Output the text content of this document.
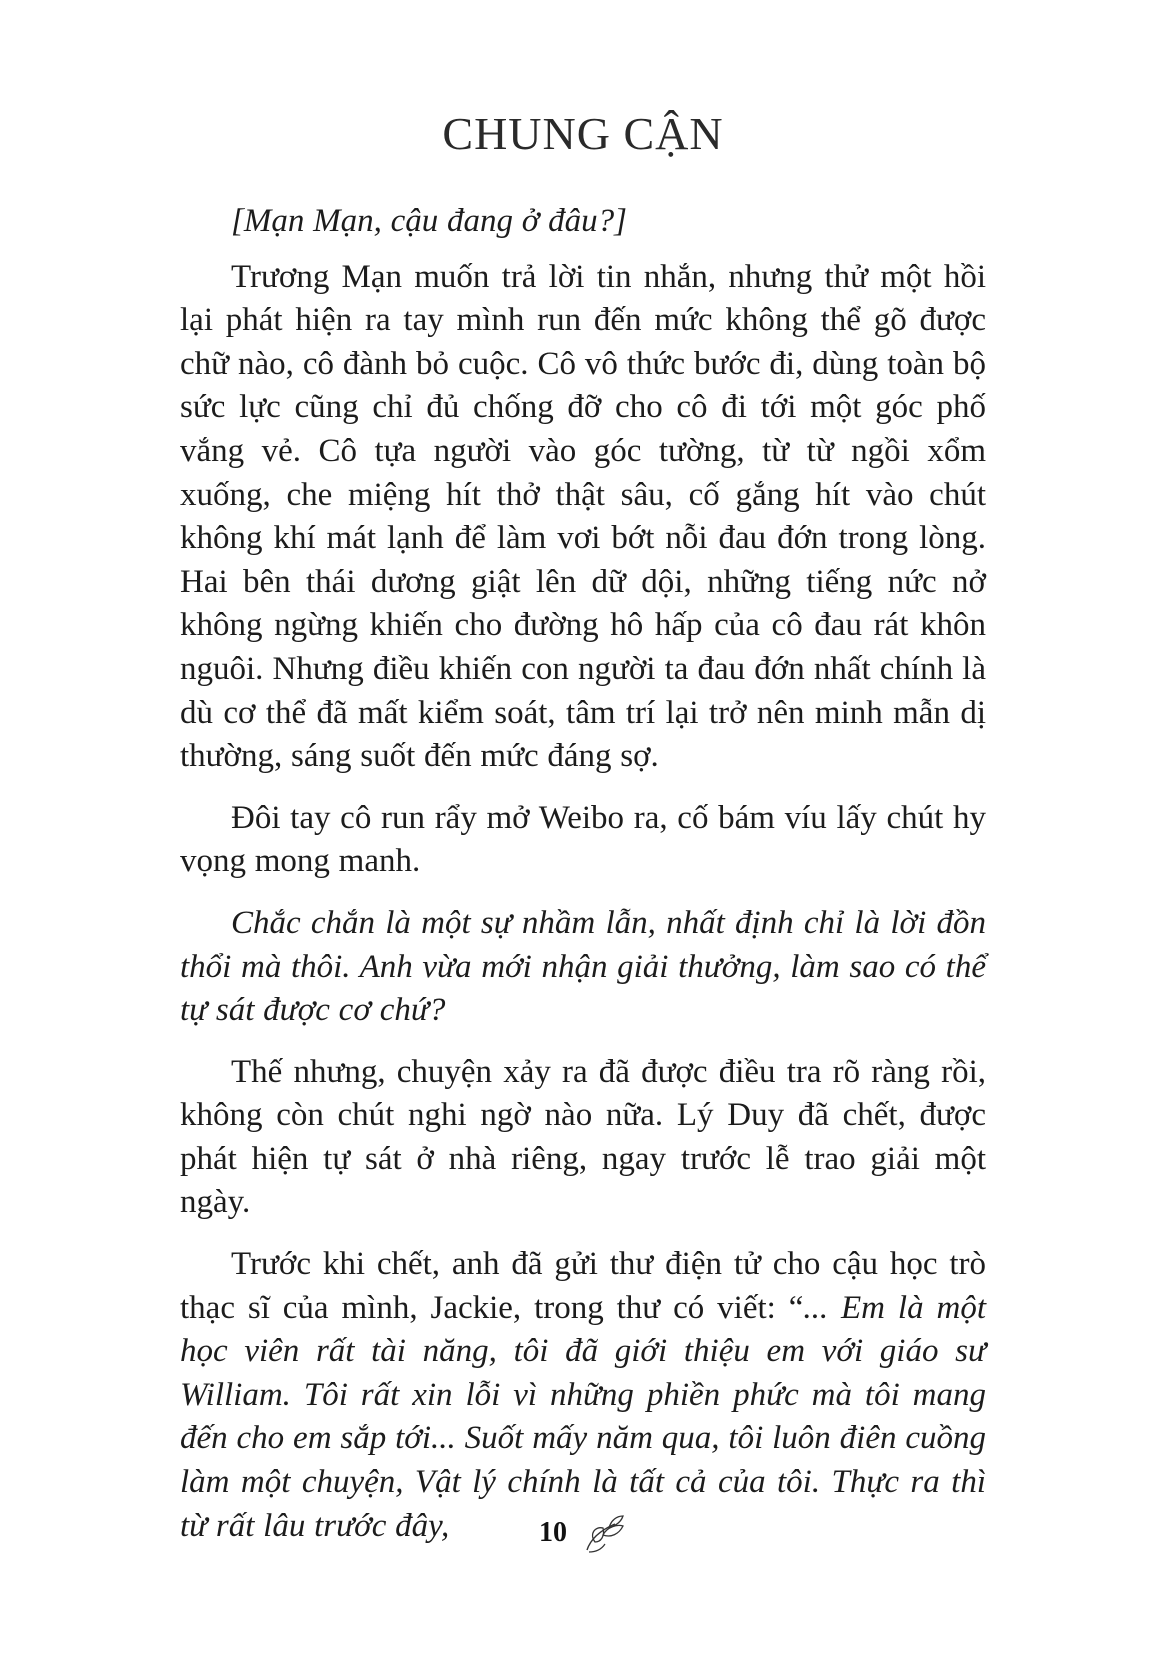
CHUNG CẬN

[Mạn Mạn, cậu đang ở đâu?]

Trương Mạn muốn trả lời tin nhắn, nhưng thử một hồi lại phát hiện ra tay mình run đến mức không thể gõ được chữ nào, cô đành bỏ cuộc. Cô vô thức bước đi, dùng toàn bộ sức lực cũng chỉ đủ chống đỡ cho cô đi tới một góc phố vắng vẻ. Cô tựa người vào góc tường, từ từ ngồi xổm xuống, che miệng hít thở thật sâu, cố gắng hít vào chút không khí mát lạnh để làm vơi bớt nỗi đau đớn trong lòng. Hai bên thái dương giật lên dữ dội, những tiếng nức nở không ngừng khiến cho đường hô hấp của cô đau rát khôn nguôi. Nhưng điều khiến con người ta đau đớn nhất chính là dù cơ thể đã mất kiểm soát, tâm trí lại trở nên minh mẫn dị thường, sáng suốt đến mức đáng sợ.

Đôi tay cô run rẩy mở Weibo ra, cố bám víu lấy chút hy vọng mong manh.

Chắc chắn là một sự nhầm lẫn, nhất định chỉ là lời đồn thổi mà thôi. Anh vừa mới nhận giải thưởng, làm sao có thể tự sát được cơ chứ?

Thế nhưng, chuyện xảy ra đã được điều tra rõ ràng rồi, không còn chút nghi ngờ nào nữa. Lý Duy đã chết, được phát hiện tự sát ở nhà riêng, ngay trước lễ trao giải một ngày.

Trước khi chết, anh đã gửi thư điện tử cho cậu học trò thạc sĩ của mình, Jackie, trong thư có viết: “... Em là một học viên rất tài năng, tôi đã giới thiệu em với giáo sư William. Tôi rất xin lỗi vì những phiền phức mà tôi mang đến cho em sắp tới... Suốt mấy năm qua, tôi luôn điên cuồng làm một chuyện, Vật lý chính là tất cả của tôi. Thực ra thì từ rất lâu trước đây,	10
